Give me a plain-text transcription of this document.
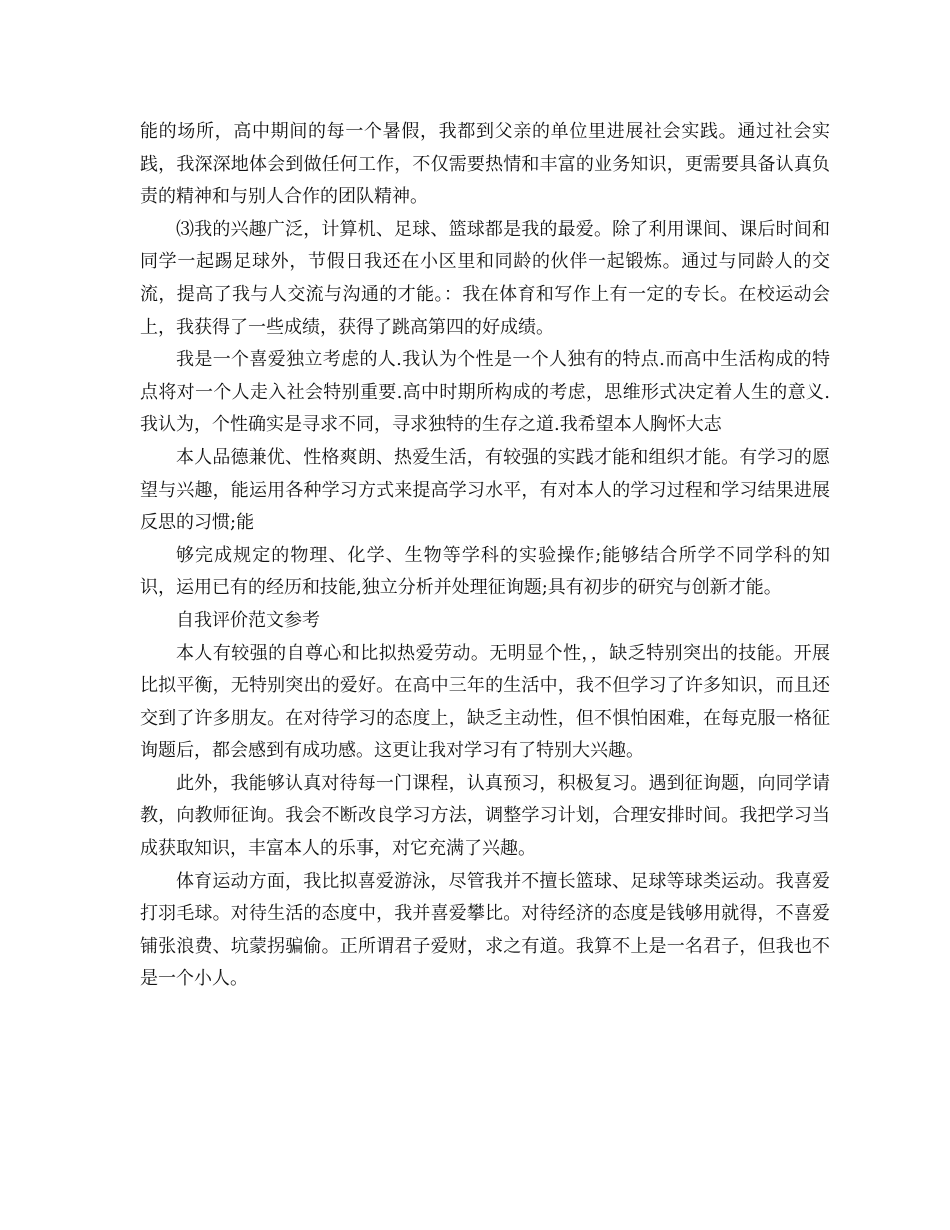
能的场所，高中期间的每一个暑假，我都到父亲的单位里进展社会实践。通过社会实践，我深深地体会到做任何工作，不仅需要热情和丰富的业务知识，更需要具备认真负责的精神和与别人合作的团队精神。

⑶我的兴趣广泛，计算机、足球、篮球都是我的最爱。除了利用课间、课后时间和同学一起踢足球外，节假日我还在小区里和同龄的伙伴一起锻炼。通过与同龄人的交流，提高了我与人交流与沟通的才能。：我在体育和写作上有一定的专长。在校运动会上，我获得了一些成绩，获得了跳高第四的好成绩。

我是一个喜爱独立考虑的人.我认为个性是一个人独有的特点.而高中生活构成的特点将对一个人走入社会特别重要.高中时期所构成的考虑，思维形式决定着人生的意义.我认为，个性确实是寻求不同，寻求独特的生存之道.我希望本人胸怀大志

本人品德兼优、性格爽朗、热爱生活，有较强的实践才能和组织才能。有学习的愿望与兴趣，能运用各种学习方式来提高学习水平，有对本人的学习过程和学习结果进展反思的习惯;能

够完成规定的物理、化学、生物等学科的实验操作;能够结合所学不同学科的知识，运用已有的经历和技能,独立分析并处理征询题;具有初步的研究与创新才能。

自我评价范文参考

本人有较强的自尊心和比拟热爱劳动。无明显个性，，缺乏特别突出的技能。开展比拟平衡，无特别突出的爱好。在高中三年的生活中，我不但学习了许多知识，而且还交到了许多朋友。在对待学习的态度上，缺乏主动性，但不惧怕困难，在每克服一格征询题后，都会感到有成功感。这更让我对学习有了特别大兴趣。

此外，我能够认真对待每一门课程，认真预习，积极复习。遇到征询题，向同学请教，向教师征询。我会不断改良学习方法，调整学习计划，合理安排时间。我把学习当成获取知识，丰富本人的乐事，对它充满了兴趣。

体育运动方面，我比拟喜爱游泳，尽管我并不擅长篮球、足球等球类运动。我喜爱打羽毛球。对待生活的态度中，我并喜爱攀比。对待经济的态度是钱够用就得，不喜爱铺张浪费、坑蒙拐骗偷。正所谓君子爱财，求之有道。我算不上是一名君子，但我也不是一个小人。
